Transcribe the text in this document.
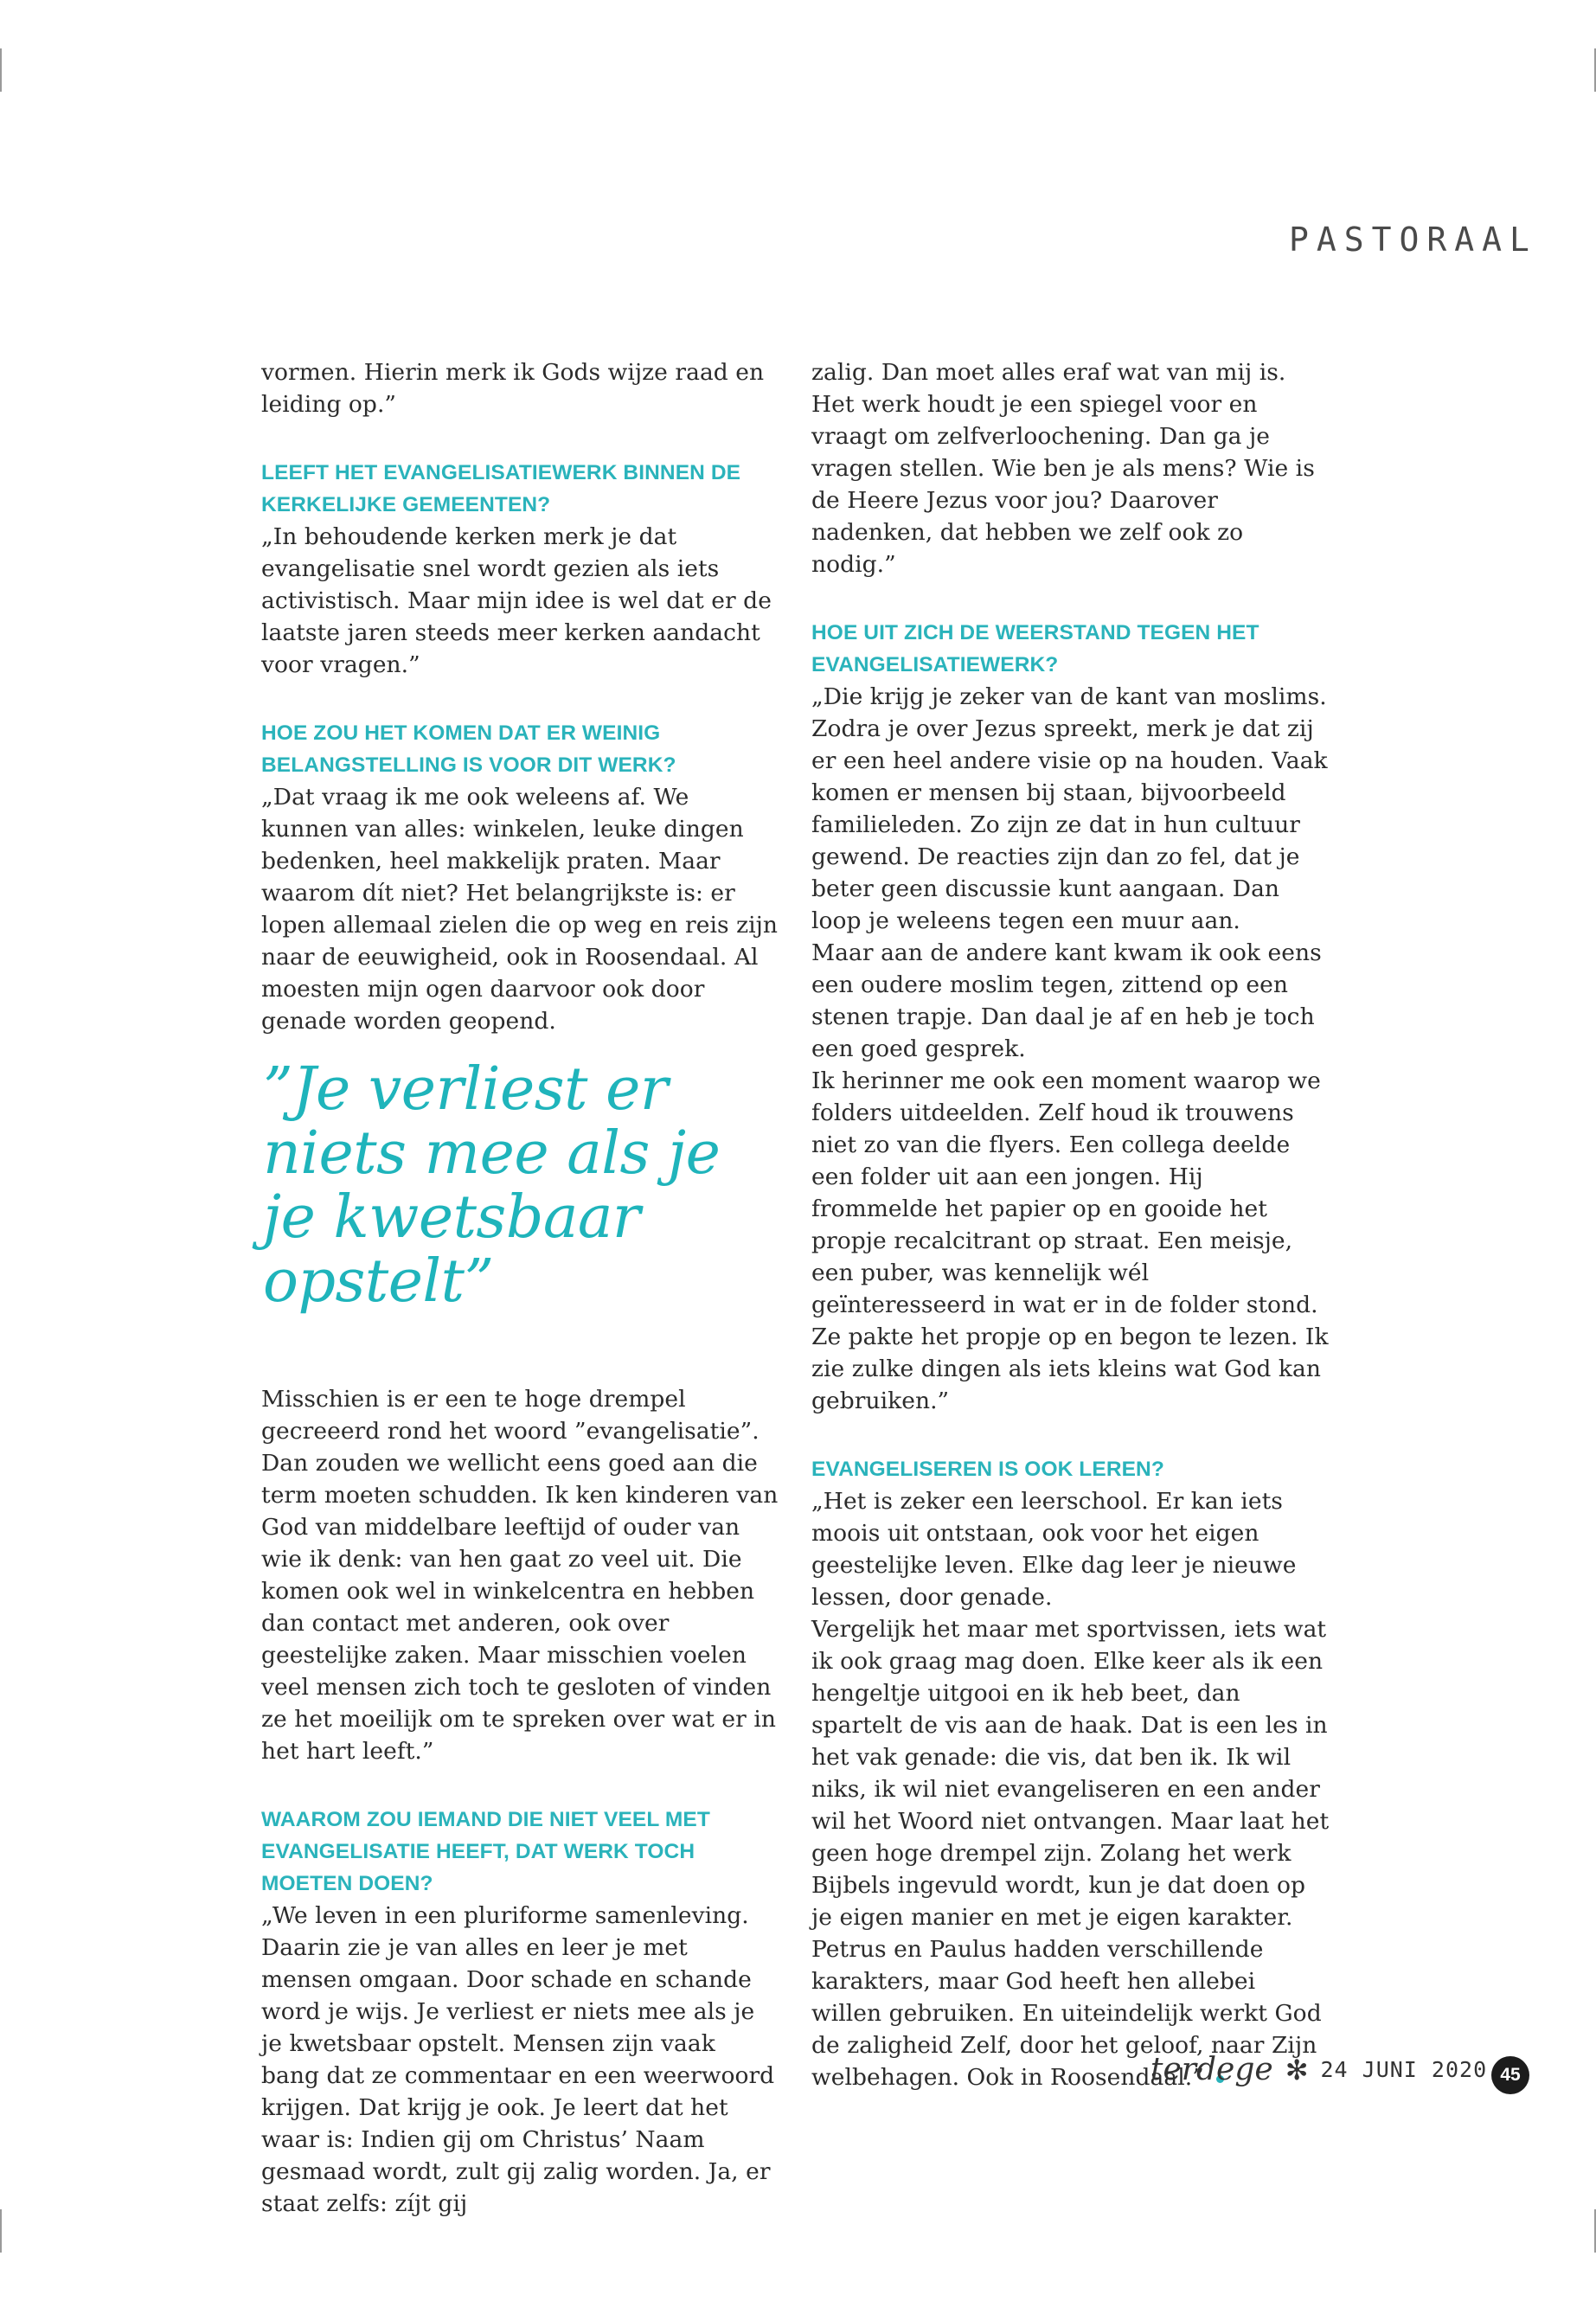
PASTORAAL

vormen. Hierin merk ik Gods wijze raad en leiding op.”

LEEFT HET EVANGELISATIEWERK BINNEN DE KERKELIJKE GEMEENTEN?

„In behoudende kerken merk je dat evangelisatie snel wordt gezien als iets activistisch. Maar mijn idee is wel dat er de laatste jaren steeds meer kerken aandacht voor vragen.”

HOE ZOU HET KOMEN DAT ER WEINIG BELANGSTELLING IS VOOR DIT WERK?

„Dat vraag ik me ook weleens af. We kunnen van alles: winkelen, leuke dingen bedenken, heel makkelijk praten. Maar waarom dít niet? Het belangrijkste is: er lopen allemaal zielen die op weg en reis zijn naar de eeuwigheid, ook in Roosendaal. Al moesten mijn ogen daarvoor ook door genade worden geopend.

”Je verliest er niets mee als je je kwetsbaar opstelt”

Misschien is er een te hoge drempel gecreeerd rond het woord ”evangelisatie”. Dan zouden we wellicht eens goed aan die term moeten schudden. Ik ken kinderen van God van middelbare leeftijd of ouder van wie ik denk: van hen gaat zo veel uit. Die komen ook wel in winkelcentra en hebben dan contact met anderen, ook over geestelijke zaken. Maar misschien voelen veel mensen zich toch te gesloten of vinden ze het moeilijk om te spreken over wat er in het hart leeft.”

WAAROM ZOU IEMAND DIE NIET VEEL MET EVANGELISATIE HEEFT, DAT WERK TOCH MOETEN DOEN?

„We leven in een pluriforme samenleving. Daarin zie je van alles en leer je met mensen omgaan. Door schade en schande word je wijs. Je verliest er niets mee als je je kwetsbaar opstelt. Mensen zijn vaak bang dat ze commentaar en een weerwoord krijgen. Dat krijg je ook. Je leert dat het waar is: Indien gij om Christus’ Naam gesmaad wordt, zult gij zalig worden. Ja, er staat zelfs: zíjt gij

zalig. Dan moet alles eraf wat van mij is. Het werk houdt je een spiegel voor en vraagt om zelfverloochening. Dan ga je vragen stellen. Wie ben je als mens? Wie is de Heere Jezus voor jou? Daarover nadenken, dat hebben we zelf ook zo nodig.”

HOE UIT ZICH DE WEERSTAND TEGEN HET EVANGELISATIEWERK?

„Die krijg je zeker van de kant van moslims. Zodra je over Jezus spreekt, merk je dat zij er een heel andere visie op na houden. Vaak komen er mensen bij staan, bijvoorbeeld familieleden. Zo zijn ze dat in hun cultuur gewend. De reacties zijn dan zo fel, dat je beter geen discussie kunt aangaan. Dan loop je weleens tegen een muur aan.

Maar aan de andere kant kwam ik ook eens een oudere moslim tegen, zittend op een stenen trapje. Dan daal je af en heb je toch een goed gesprek.

Ik herinner me ook een moment waarop we folders uitdeelden. Zelf houd ik trouwens niet zo van die flyers. Een collega deelde een folder uit aan een jongen. Hij frommelde het papier op en gooide het propje recalcitrant op straat. Een meisje, een puber, was kennelijk wél geïnteresseerd in wat er in de folder stond. Ze pakte het propje op en begon te lezen. Ik zie zulke dingen als iets kleins wat God kan gebruiken.”

EVANGELISEREN IS OOK LEREN?

„Het is zeker een leerschool. Er kan iets moois uit ontstaan, ook voor het eigen geestelijke leven. Elke dag leer je nieuwe lessen, door genade.

Vergelijk het maar met sportvissen, iets wat ik ook graag mag doen. Elke keer als ik een hengeltje uitgooi en ik heb beet, dan spartelt de vis aan de haak. Dat is een les in het vak genade: die vis, dat ben ik. Ik wil niks, ik wil niet evangeliseren en een ander wil het Woord niet ontvangen. Maar laat het geen hoge drempel zijn. Zolang het werk Bijbels ingevuld wordt, kun je dat doen op je eigen manier en met je eigen karakter. Petrus en Paulus hadden verschillende karakters, maar God heeft hen allebei willen gebruiken. En uiteindelijk werkt God de zaligheid Zelf, door het geloof, naar Zijn welbehagen. Ook in Roosendaal.”

terdege ✻ 24 JUNI 2020 45
